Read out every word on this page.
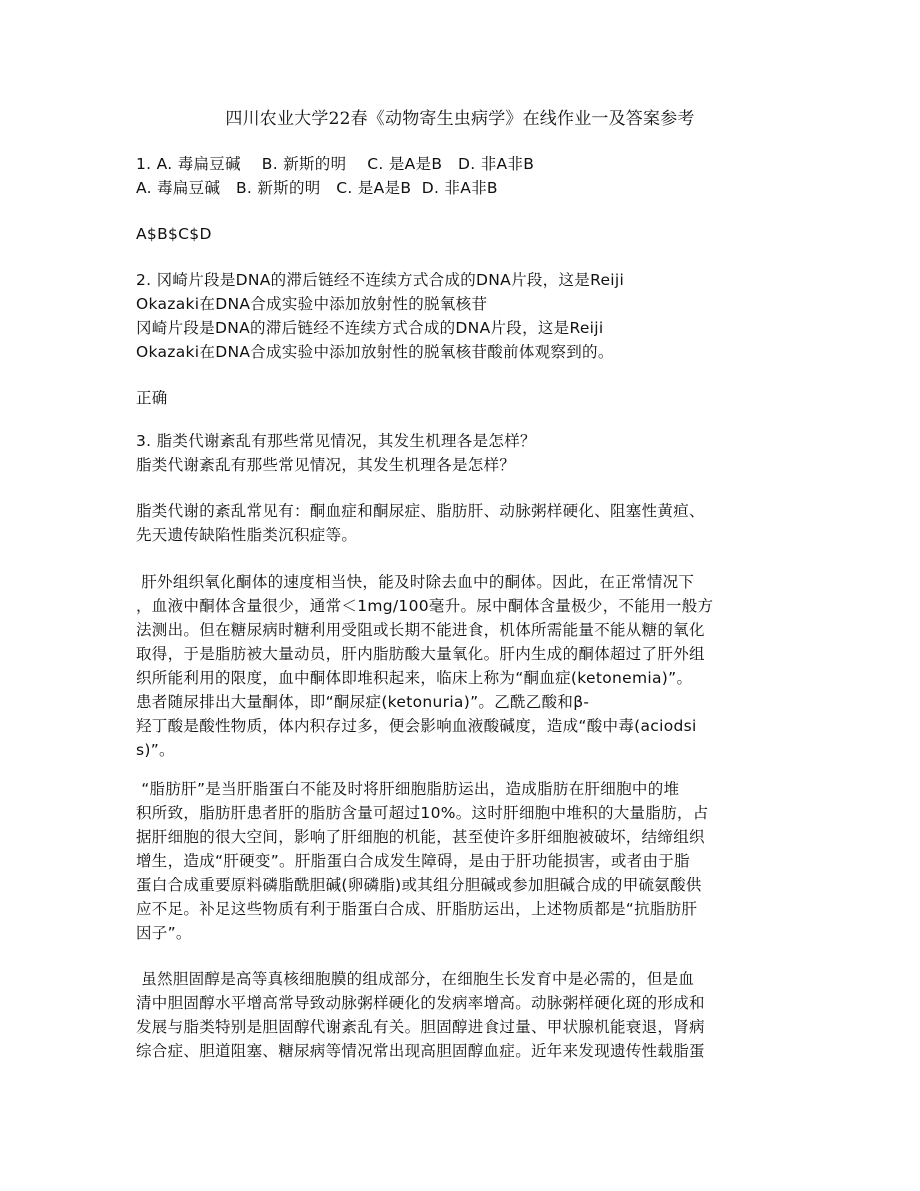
四川农业大学22春《动物寄生虫病学》在线作业一及答案参考
1. A. 毒扁豆碱    B. 新斯的明    C. 是A是B   D. 非A非B
A. 毒扁豆碱   B. 新斯的明   C. 是A是B  D. 非A非B
A$B$C$D
2. 冈崎片段是DNA的滞后链经不连续方式合成的DNA片段，这是Reiji
Okazaki在DNA合成实验中添加放射性的脱氧核苷
冈崎片段是DNA的滞后链经不连续方式合成的DNA片段，这是Reiji
Okazaki在DNA合成实验中添加放射性的脱氧核苷酸前体观察到的。
正确
3. 脂类代谢紊乱有那些常见情况，其发生机理各是怎样？
脂类代谢紊乱有那些常见情况，其发生机理各是怎样？
脂类代谢的紊乱常见有：酮血症和酮尿症、脂肪肝、动脉粥样硬化、阻塞性黄疸、
先天遗传缺陷性脂类沉积症等。
肝外组织氧化酮体的速度相当快，能及时除去血中的酮体。因此，在正常情况下
，血液中酮体含量很少，通常＜1mg/100毫升。尿中酮体含量极少，不能用一般方
法测出。但在糖尿病时糖利用受阻或长期不能进食，机体所需能量不能从糖的氧化
取得，于是脂肪被大量动员，肝内脂肪酸大量氧化。肝内生成的酮体超过了肝外组
织所能利用的限度，血中酮体即堆积起来，临床上称为“酮血症(ketonemia)”。
患者随尿排出大量酮体，即“酮尿症(ketonuria)”。乙酰乙酸和β-
羟丁酸是酸性物质，体内积存过多，便会影响血液酸碱度，造成“酸中毒(aciodsi
s)”。
“脂肪肝”是当肝脂蛋白不能及时将肝细胞脂肪运出，造成脂肪在肝细胞中的堆
积所致，脂肪肝患者肝的脂肪含量可超过10%。这时肝细胞中堆积的大量脂肪，占
据肝细胞的很大空间，影响了肝细胞的机能，甚至使许多肝细胞被破坏，结缔组织
增生，造成“肝硬变”。肝脂蛋白合成发生障碍，是由于肝功能损害，或者由于脂
蛋白合成重要原料磷脂酰胆碱(卵磷脂)或其组分胆碱或参加胆碱合成的甲硫氨酸供
应不足。补足这些物质有利于脂蛋白合成、肝脂肪运出，上述物质都是“抗脂肪肝
因子”。
虽然胆固醇是高等真核细胞膜的组成部分，在细胞生长发育中是必需的，但是血
清中胆固醇水平增高常导致动脉粥样硬化的发病率增高。动脉粥样硬化斑的形成和
发展与脂类特别是胆固醇代谢紊乱有关。胆固醇进食过量、甲状腺机能衰退，肾病
综合症、胆道阻塞、糖尿病等情况常出现高胆固醇血症。近年来发现遗传性载脂蛋
